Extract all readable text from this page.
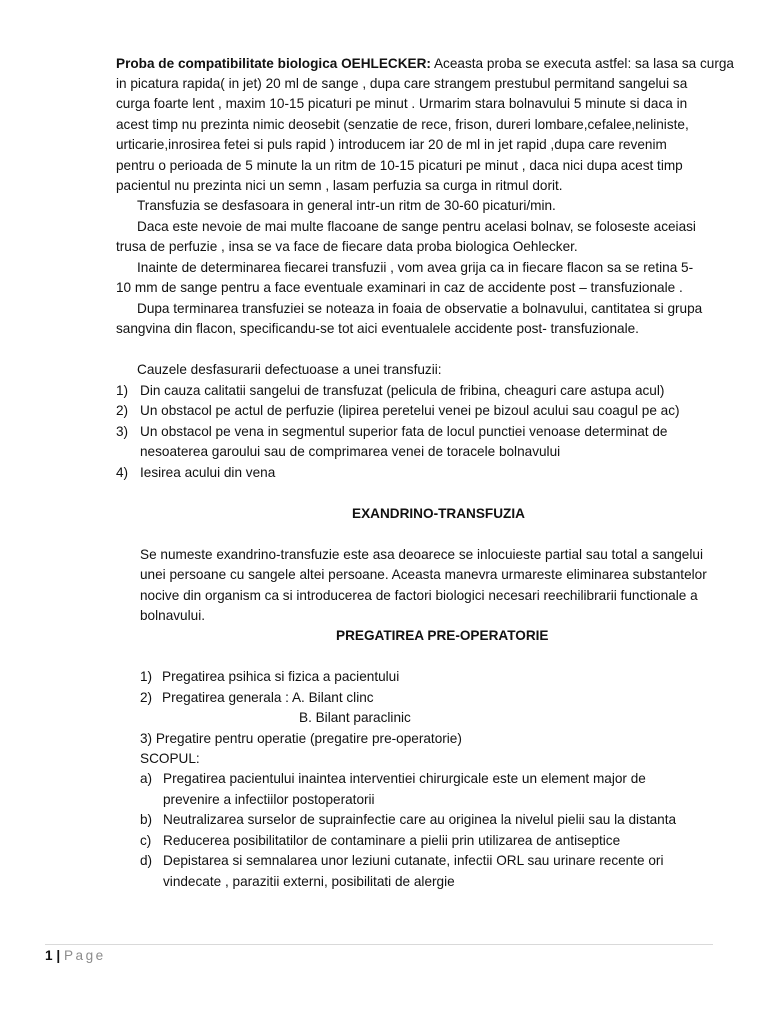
Proba de compatibilitate biologica OEHLECKER: Aceasta proba se executa astfel: sa lasa sa curga
in picatura rapida( in jet) 20 ml de sange , dupa care strangem prestubul permitand sangelui sa
curga foarte lent , maxim 10-15 picaturi pe minut . Urmarim stara bolnavului 5 minute si daca in
acest timp nu prezinta nimic deosebit (senzatie de rece, frison, dureri lombare,cefalee,neliniste,
urticarie,inrosirea fetei si puls rapid ) introducem iar 20 de ml in jet rapid ,dupa care revenim
pentru o perioada de 5 minute la un ritm de 10-15 picaturi pe minut , daca nici dupa acest timp
pacientul nu prezinta nici un semn , lasam perfuzia sa curga in ritmul dorit.
Transfuzia se desfasoara in general intr-un ritm de 30-60 picaturi/min.
Daca este nevoie de mai multe flacoane de sange pentru acelasi bolnav, se foloseste aceiasi
trusa de perfuzie , insa se va face de fiecare data proba biologica Oehlecker.
Inainte de determinarea fiecarei transfuzii , vom avea grija ca in fiecare flacon sa se retina 5-
10 mm de sange pentru a face eventuale examinari in caz de accidente post – transfuzionale .
Dupa terminarea transfuziei se noteaza in foaia de observatie a bolnavului, cantitatea si grupa
sangvina din flacon, specificandu-se tot aici eventualele accidente post- transfuzionale.
Cauzele desfasurarii defectuoase a unei transfuzii:
1) Din cauza calitatii sangelui de transfuzat (pelicula de fribina, cheaguri care astupa acul)
2) Un obstacol pe actul de perfuzie (lipirea peretelui venei pe bizoul acului sau coagul pe ac)
3) Un obstacol pe vena in segmentul superior fata de locul punctiei venoase determinat de
nesoaterea garoului sau de comprimarea venei de toracele bolnavului
4) Iesirea acului din vena
EXANDRINO-TRANSFUZIA
Se numeste exandrino-transfuzie este asa deoarece se inlocuieste partial sau total a sangelui
unei persoane cu sangele altei persoane. Aceasta manevra urmareste eliminarea substantelor
nocive din organism ca si introducerea de factori biologici necesari reechilibrarii functionale a
bolnavului.
PREGATIREA PRE-OPERATORIE
1) Pregatirea psihica si fizica a pacientului
2) Pregatirea generala : A. Bilant clinc
B. Bilant paraclinic
3) Pregatire pentru operatie (pregatire pre-operatorie)
SCOPUL:
a) Pregatirea pacientului inaintea interventiei chirurgicale este un element major de
prevenire a infectiilor postoperatorii
b) Neutralizarea surselor de suprainfectie care au originea la nivelul pielii sau la distanta
c) Reducerea posibilitatilor de contaminare a pielii prin utilizarea de antiseptice
d) Depistarea si semnalarea unor leziuni cutanate, infectii ORL sau urinare recente ori
vindecate , parazitii externi, posibilitati de alergie
1 | Page
